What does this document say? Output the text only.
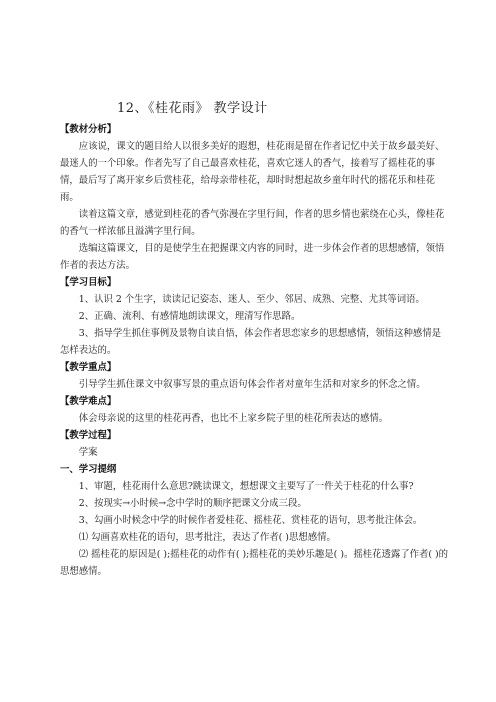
12、《桂花雨》 教学设计

【教材分析】

应该说，课文的题目给人以很多美好的遐想，桂花雨是留在作者记忆中关于故乡最美好、最迷人的一个印象。作者先写了自己最喜欢桂花，喜欢它迷人的香气，接着写了摇桂花的事情，最后写了离开家乡后赏桂花，给母亲带桂花，却时时想起故乡童年时代的摇花乐和桂花雨。

读着这篇文章，感觉到桂花的香气弥漫在字里行间，作者的思乡情也萦绕在心头，像桂花的香气一样浓郁且溢满字里行间。

选编这篇课文，目的是使学生在把握课文内容的同时，进一步体会作者的思想感情，领悟作者的表达方法。

【学习目标】

1、认识 2 个生字，读读记记姿态、迷人、至少、邻居、成熟、完整、尤其等词语。

2、正确、流利、有感情地朗读课文，理清写作思路。

3、指导学生抓住事例及景物自读自悟，体会作者思恋家乡的思想感情，领悟这种感情是怎样表达的。

【教学重点】

引导学生抓住课文中叙事写景的重点语句体会作者对童年生活和对家乡的怀念之情。

【教学难点】

体会母亲说的这里的桂花再香，也比不上家乡院子里的桂花所表达的感情。

【教学过程】

学案

一、学习提纲

1、审题，桂花雨什么意思?跳读课文，想想课文主要写了一件关于桂花的什么事?

2、按现实→小时候→念中学时的顺序把课文分成三段。

3、勾画小时候念中学的时候作者爱桂花、摇桂花、赏桂花的语句，思考批注体会。

⑴ 勾画喜欢桂花的语句，思考批注，表达了作者( )思想感情。

⑵ 摇桂花的原因是( );摇桂花的动作有( );摇桂花的美妙乐趣是( )。摇桂花透露了作者( )的思想感情。
